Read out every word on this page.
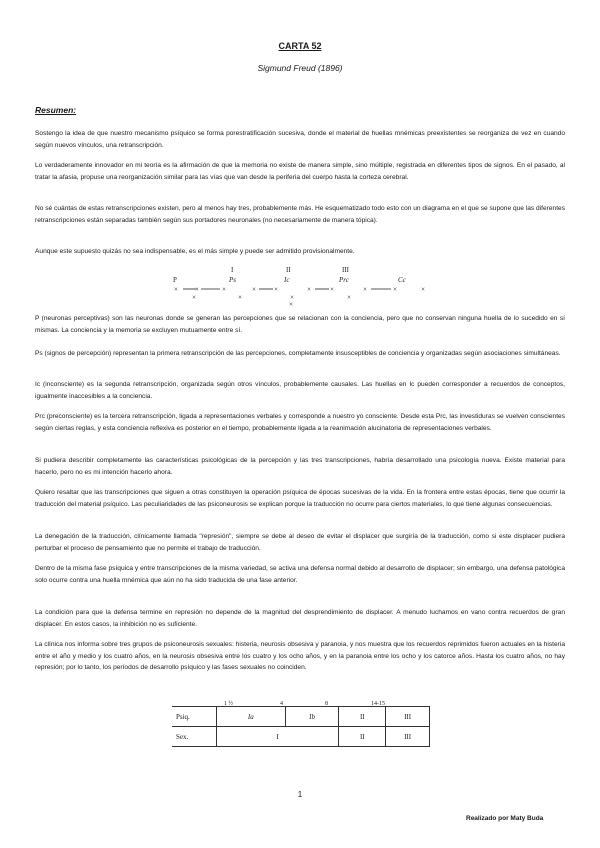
CARTA 52
Sigmund Freud (1896)
Resumen:

Sostengo la idea de que nuestro mecanismo psíquico se forma porestratificación sucesiva, donde el material de huellas mnémicas preexistentes se reorganiza de vez en cuando según nuevos vínculos, una retranscripción.

Lo verdaderamente innovador en mi teoría es la afirmación de que la memoria no existe de manera simple, sino múltiple, registrada en diferentes tipos de signos. En el pasado, al tratar la afasia, propuse una reorganización similar para las vías que van desde la periferia del cuerpo hasta la corteza cerebral.

No sé cuántas de estas retranscripciones existen, pero al menos hay tres, probablemente más. He esquematizado todo esto con un diagrama en el que se supone que las diferentes retranscripciones están separadas también según sus portadores neuronales (no necesariamente de manera tópica).

Aunque este supuesto quizás no sea indispensable, es el más simple y puede ser admitido provisionalmente.

I	II	III
P	Ps	Ic	Prc	Cc
× ×
×
×	×
×
×	×
×
×
×	×
×
×	×

P (neuronas perceptivas) son las neuronas donde se generan las percepciones que se relacionan con la conciencia, pero que no conservan ninguna huella de lo sucedido en sí mismas. La conciencia y la memoria se excluyen mutuamente entre sí.

Ps (signos de percepción) representan la primera retranscripción de las percepciones, completamente insusceptibles de conciencia y organizadas según asociaciones simultáneas.

Ic (inconsciente) es la segunda retranscripción, organizada según otros vínculos, probablemente causales. Las huellas en Ic pueden corresponder a recuerdos de conceptos, igualmente inaccesibles a la conciencia.

Prc (preconsciente) es la tercera retranscripción, ligada a representaciones verbales y corresponde a nuestro yo consciente. Desde esta Prc, las investiduras se vuelven conscientes según ciertas reglas, y esta conciencia reflexiva es posterior en el tiempo, probablemente ligada a la reanimación alucinatoria de representaciones verbales.

Si pudiera describir completamente las características psicológicas de la percepción y las tres transcripciones, habría desarrollado una psicología nueva. Existe material para hacerlo, pero no es mi intención hacerlo ahora.

Quiero resaltar que las transcripciones que siguen a otras constituyen la operación psíquica de épocas sucesivas de la vida. En la frontera entre estas épocas, tiene que ocurrir la traducción del material psíquico. Las peculiaridades de las psiconeurosis se explican porque la traducción no ocurre para ciertos materiales, lo que tiene algunas consecuencias.

La denegación de la traducción, clínicamente llamada "represión", siempre se debe al deseo de evitar el displacer que surgiría de la traducción, como si este displacer pudiera perturbar el proceso de pensamiento que no permite el trabajo de traducción.

Dentro de la misma fase psíquica y entre transcripciones de la misma variedad, se activa una defensa normal debido al desarrollo de displacer; sin embargo, una defensa patológica solo ocurre contra una huella mnémica que aún no ha sido traducida de una fase anterior.

La condición para que la defensa termine en represión no depende de la magnitud del desprendimiento de displacer. A menudo luchamos en vano contra recuerdos de gran displacer. En estos casos, la inhibición no es suficiente.

La clínica nos informa sobre tres grupos de psiconeurosis sexuales: histeria, neurosis obsesiva y paranoia, y nos muestra que los recuerdos reprimidos fueron actuales en la histeria entre el año y medio y los cuatro años, en la neurosis obsesiva entre los cuatro y los ocho años, y en la paranoia entre los ocho y los catorce años. Hasta los cuatro años, no hay represión; por lo tanto, los períodos de desarrollo psíquico y las fases sexuales no coinciden.

1 ½	4	8	14-15
Psiq.	Ia	Ib	II	III
Sex.	I		II	III
1
Realizado por Maty Buda
